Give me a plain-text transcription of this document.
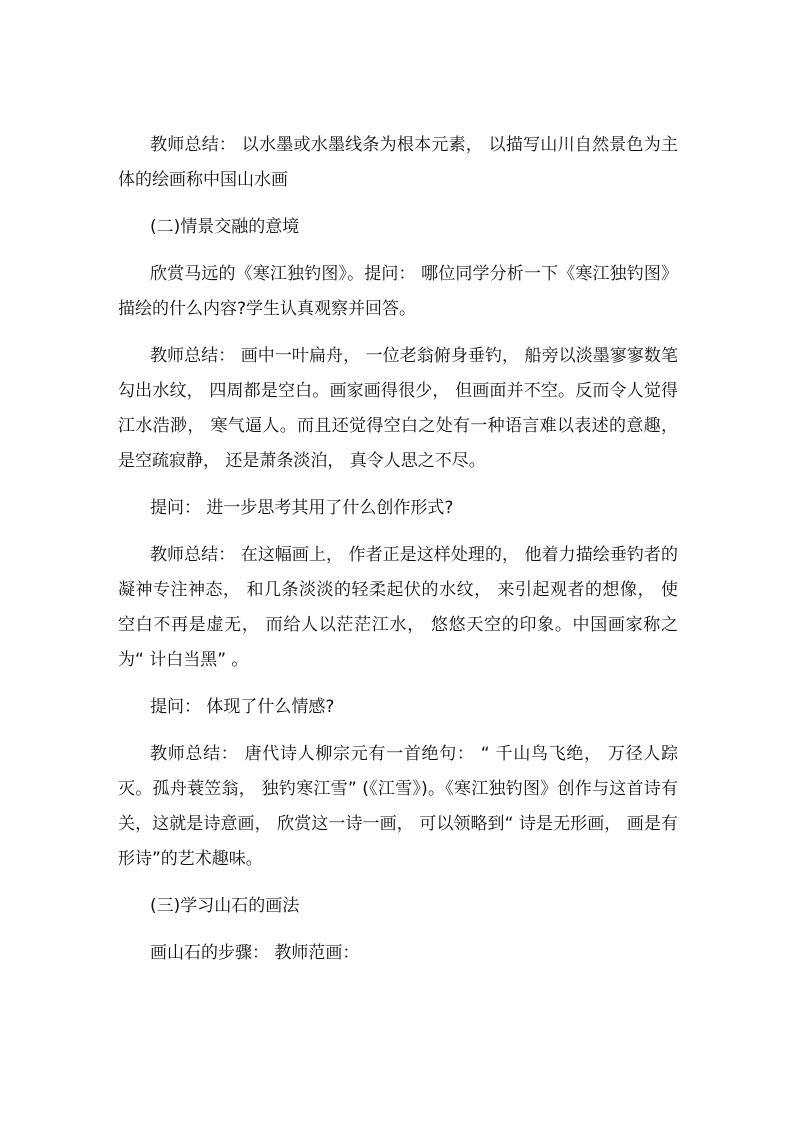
教师总结： 以水墨或水墨线条为根本元素， 以描写山川自然景色为主体的绘画称中国山水画

(二)情景交融的意境

欣赏马远的《寒江独钓图》。提问： 哪位同学分析一下《寒江独钓图》描绘的什么内容?学生认真观察并回答。

教师总结： 画中一叶扁舟， 一位老翁俯身垂钓， 船旁以淡墨寥寥数笔勾出水纹， 四周都是空白。画家画得很少， 但画面并不空。反而令人觉得江水浩渺， 寒气逼人。而且还觉得空白之处有一种语言难以表述的意趣， 是空疏寂静， 还是萧条淡泊， 真令人思之不尽。

提问： 进一步思考其用了什么创作形式?

教师总结： 在这幅画上， 作者正是这样处理的， 他着力描绘垂钓者的凝神专注神态， 和几条淡淡的轻柔起伏的水纹， 来引起观者的想像， 使空白不再是虚无， 而给人以茫茫江水， 悠悠天空的印象。中国画家称之为“ 计白当黑” 。

提问： 体现了什么情感?

教师总结： 唐代诗人柳宗元有一首绝句： “ 千山鸟飞绝， 万径人踪灭。孤舟蓑笠翁， 独钓寒江雪” (《江雪》)。《寒江独钓图》创作与这首诗有关，这就是诗意画， 欣赏这一诗一画， 可以领略到“ 诗是无形画， 画是有形诗”的艺术趣味。

(三)学习山石的画法

画山石的步骤： 教师范画：
